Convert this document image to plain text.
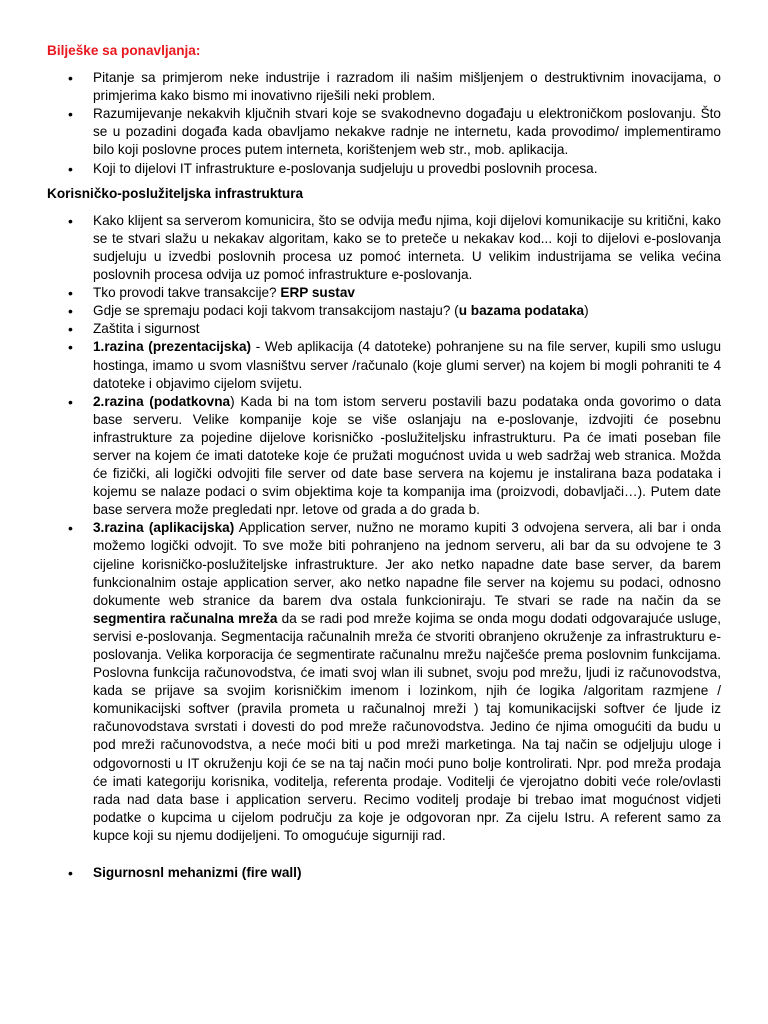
Bilješke sa ponavljanja:
• Pitanje sa primjerom neke industrije i razradom ili našim mišljenjem o destruktivnim inovacijama, o primjerima kako bismo mi inovativno riješili neki problem.
• Razumijevanje nekakvih ključnih stvari koje se svakodnevno događaju u elektroničkom poslovanju. Što se u pozadini događa kada obavljamo nekakve radnje ne internetu, kada provodimo/ implementiramo bilo koji poslovne proces putem interneta, korištenjem web str., mob. aplikacija.
• Koji to dijelovi IT infrastrukture e-poslovanja sudjeluju u provedbi poslovnih procesa.
Korisničko-poslužiteljska infrastruktura
• Kako klijent sa serverom komunicira, što se odvija među njima, koji dijelovi komunikacije su kritični, kako se te stvari slažu u nekakav algoritam, kako se to preteče u nekakav kod... koji to dijelovi e-poslovanja sudjeluju u izvedbi poslovnih procesa uz pomoć interneta. U velikim industrijama se velika većina poslovnih procesa odvija uz pomoć infrastrukture e-poslovanja.
• Tko provodi takve transakcije? ERP sustav
• Gdje se spremaju podaci koji takvom transakcijom nastaju? (u bazama podataka)
• Zaštita i sigurnost
• 1.razina (prezentacijska) - Web aplikacija (4 datoteke) pohranjene su na file server, kupili smo uslugu hostinga, imamo u svom vlasništvu server /računalo (koje glumi server) na kojem bi mogli pohraniti te 4 datoteke i objavimo cijelom svijetu.
• 2.razina (podatkovna) Kada bi na tom istom serveru postavili bazu podataka onda govorimo o data base serveru. Velike kompanije koje se više oslanjaju na e-poslovanje, izdvojiti će posebnu infrastrukture za pojedine dijelove korisničko -poslužiteljsku infrastrukturu. Pa će imati poseban file server na kojem će imati datoteke koje će pružati mogućnost uvida u web sadržaj web stranica. Možda će fizički, ali logički odvojiti file server od date base servera na kojemu je instalirana baza podataka i kojemu se nalaze podaci o svim objektima koje ta kompanija ima (proizvodi, dobavljači…). Putem date base servera može pregledati npr. letove od grada a do grada b.
• 3.razina (aplikacijska) Application server, nužno ne moramo kupiti 3 odvojena servera, ali bar i onda možemo logički odvojit. To sve može biti pohranjeno na jednom serveru, ali bar da su odvojene te 3 cijeline korisničko-poslužiteljske infrastrukture. Jer ako netko napadne date base server, da barem funkcionalnim ostaje application server, ako netko napadne file server na kojemu su podaci, odnosno dokumente web stranice da barem dva ostala funkcioniraju. Te stvari se rade na način da se segmentira računalna mreža da se radi pod mreže kojima se onda mogu dodati odgovarajuće usluge, servisi e-poslovanja. Segmentacija računalnih mreža će stvoriti obranjeno okruženje za infrastrukturu e-poslovanja. Velika korporacija će segmentirate računalnu mrežu najčešće prema poslovnim funkcijama. Poslovna funkcija računovodstva, će imati svoj wlan ili subnet, svoju pod mrežu, ljudi iz računovodstva, kada se prijave sa svojim korisničkim imenom i lozinkom, njih će logika /algoritam razmjene / komunikacijski softver (pravila prometa u računalnoj mreži ) taj komunikacijski softver će ljude iz računovodstava svrstati i dovesti do pod mreže računovodstva. Jedino će njima omogućiti da budu u pod mreži računovodstva, a neće moći biti u pod mreži marketinga. Na taj način se odjeljuju uloge i odgovornosti u IT okruženju koji će se na taj način moći puno bolje kontrolirati. Npr. pod mreža prodaja će imati kategoriju korisnika, voditelja, referenta prodaje. Voditelji će vjerojatno dobiti veće role/ovlasti rada nad data base i application serveru. Recimo voditelj prodaje bi trebao imat mogućnost vidjeti podatke o kupcima u cijelom području za koje je odgovoran npr. Za cijelu Istru. A referent samo za kupce koji su njemu dodijeljeni. To omogućuje sigurniji rad.
• Sigurnosnl mehanizmi (fire wall)
